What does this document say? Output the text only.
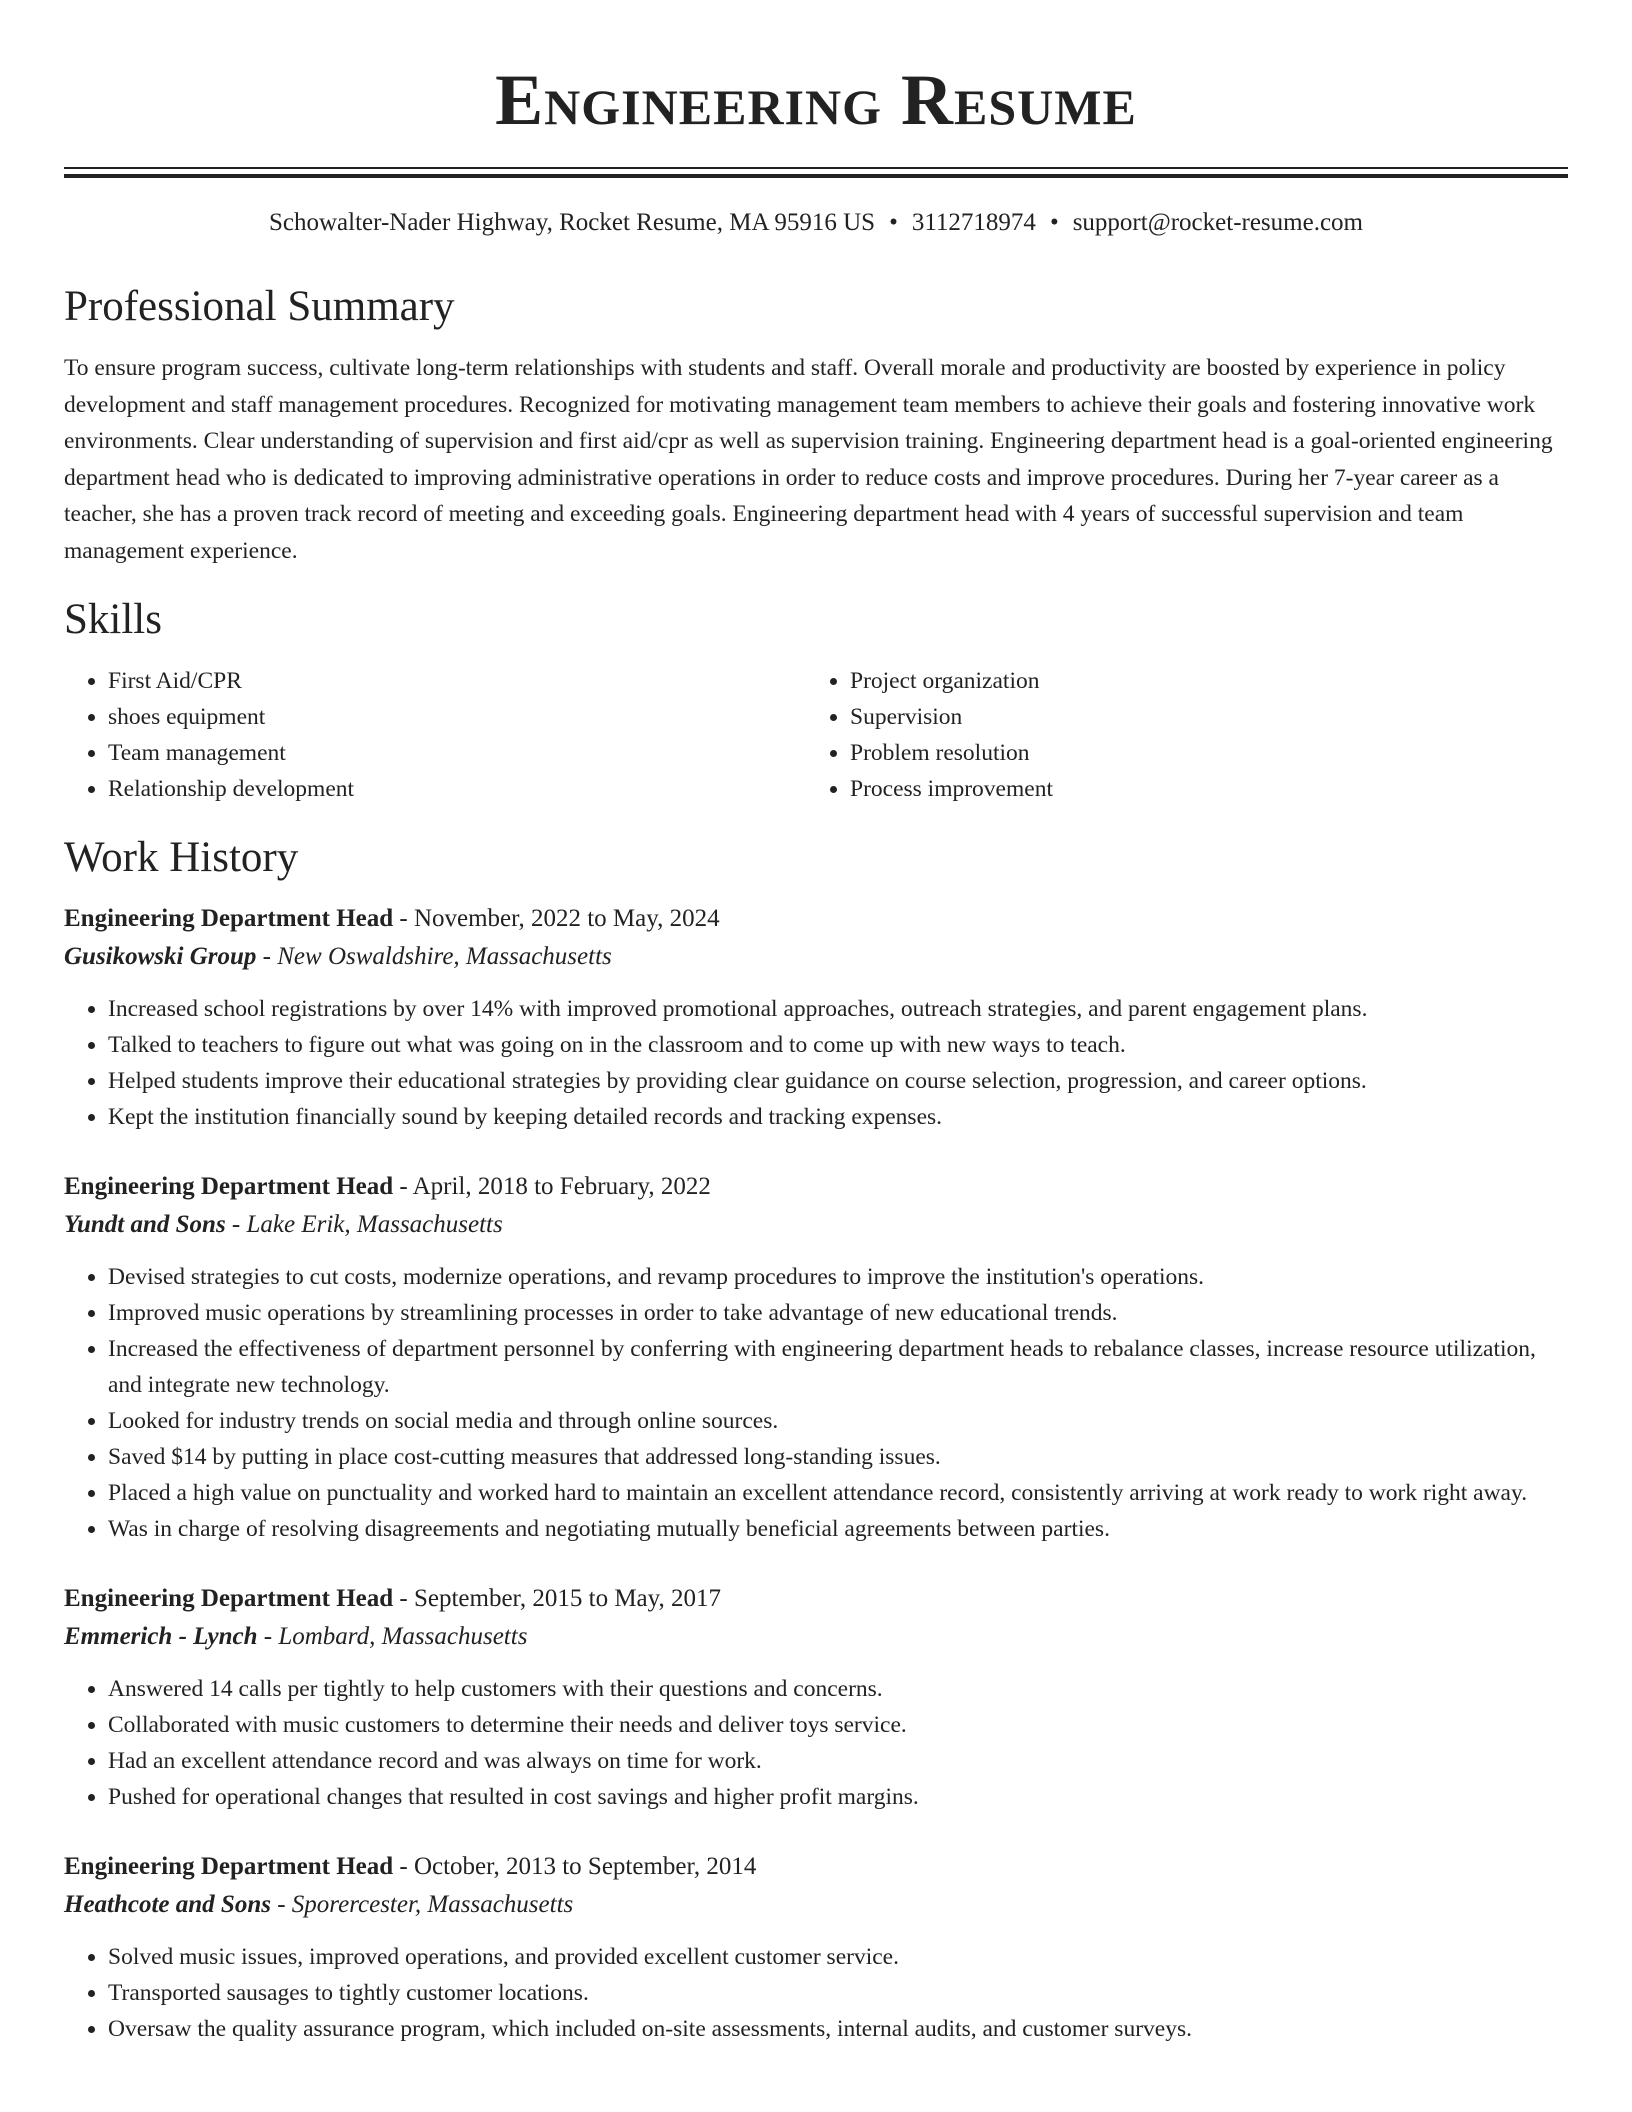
Engineering Resume
Schowalter-Nader Highway, Rocket Resume, MA 95916 US • 3112718974 • support@rocket-resume.com
Professional Summary

To ensure program success, cultivate long-term relationships with students and staff. Overall morale and productivity are boosted by experience in policy development and staff management procedures. Recognized for motivating management team members to achieve their goals and fostering innovative work environments. Clear understanding of supervision and first aid/cpr as well as supervision training. Engineering department head is a goal-oriented engineering department head who is dedicated to improving administrative operations in order to reduce costs and improve procedures. During her 7-year career as a teacher, she has a proven track record of meeting and exceeding goals. Engineering department head with 4 years of successful supervision and team management experience.

Skills
• First Aid/CPR
• shoes equipment
• Team management
• Relationship development
• Project organization
• Supervision
• Problem resolution
• Process improvement
Work History
Engineering Department Head - November, 2022 to May, 2024
Gusikowski Group - New Oswaldshire, Massachusetts
• Increased school registrations by over 14% with improved promotional approaches, outreach strategies, and parent engagement plans.
• Talked to teachers to figure out what was going on in the classroom and to come up with new ways to teach.
• Helped students improve their educational strategies by providing clear guidance on course selection, progression, and career options.
• Kept the institution financially sound by keeping detailed records and tracking expenses.
Engineering Department Head - April, 2018 to February, 2022
Yundt and Sons - Lake Erik, Massachusetts
• Devised strategies to cut costs, modernize operations, and revamp procedures to improve the institution's operations.
• Improved music operations by streamlining processes in order to take advantage of new educational trends.
• Increased the effectiveness of department personnel by conferring with engineering department heads to rebalance classes, increase resource utilization, and integrate new technology.
• Looked for industry trends on social media and through online sources.
• Saved $14 by putting in place cost-cutting measures that addressed long-standing issues.
• Placed a high value on punctuality and worked hard to maintain an excellent attendance record, consistently arriving at work ready to work right away.
• Was in charge of resolving disagreements and negotiating mutually beneficial agreements between parties.
Engineering Department Head - September, 2015 to May, 2017
Emmerich - Lynch - Lombard, Massachusetts
• Answered 14 calls per tightly to help customers with their questions and concerns.
• Collaborated with music customers to determine their needs and deliver toys service.
• Had an excellent attendance record and was always on time for work.
• Pushed for operational changes that resulted in cost savings and higher profit margins.
Engineering Department Head - October, 2013 to September, 2014
Heathcote and Sons - Sporercester, Massachusetts
• Solved music issues, improved operations, and provided excellent customer service.
• Transported sausages to tightly customer locations.
• Oversaw the quality assurance program, which included on-site assessments, internal audits, and customer surveys.
